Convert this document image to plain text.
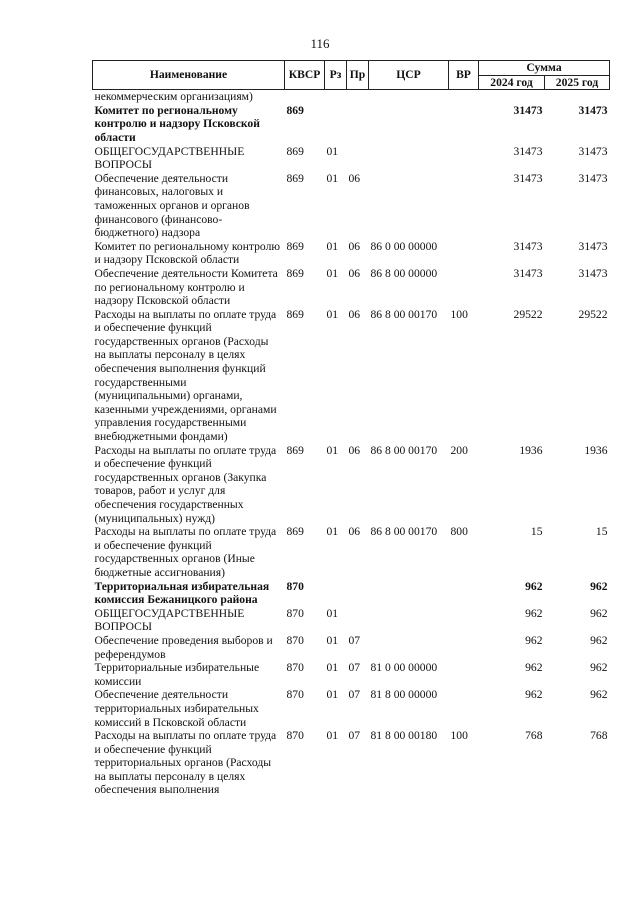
116
Наименование	КВСР	Рз	Пр	ЦСР	ВР	Сумма	
						2024 год	2025 год
некоммерческим организациям)							
Комитет по региональному контролю и надзору Псковской области	869					31473	31473
ОБЩЕГОСУДАРСТВЕННЫЕ ВОПРОСЫ	869	01				31473	31473
Обеспечение деятельности финансовых, налоговых и таможенных органов и органов финансового (финансово-бюджетного) надзора	869	01	06			31473	31473
Комитет по региональному контролю и надзору Псковской области	869	01	06	86 0 00 00000		31473	31473
Обеспечение деятельности Комитета по региональному контролю и надзору Псковской области	869	01	06	86 8 00 00000		31473	31473
Расходы на выплаты по оплате труда и обеспечение функций государственных органов (Расходы на выплаты персоналу в целях обеспечения выполнения функций государственными (муниципальными) органами, казенными учреждениями, органами управления государственными внебюджетными фондами)	869	01	06	86 8 00 00170	100	29522	29522
Расходы на выплаты по оплате труда и обеспечение функций государственных органов (Закупка товаров, работ и услуг для обеспечения государственных (муниципальных) нужд)	869	01	06	86 8 00 00170	200	1936	1936
Расходы на выплаты по оплате труда и обеспечение функций государственных органов (Иные бюджетные ассигнования)	869	01	06	86 8 00 00170	800	15	15
Территориальная избирательная комиссия Бежаницкого района	870					962	962
ОБЩЕГОСУДАРСТВЕННЫЕ ВОПРОСЫ	870	01				962	962
Обеспечение проведения выборов и референдумов	870	01	07			962	962
Территориальные избирательные комиссии	870	01	07	81 0 00 00000		962	962
Обеспечение деятельности территориальных избирательных комиссий в Псковской области	870	01	07	81 8 00 00000		962	962
Расходы на выплаты по оплате труда и обеспечение функций территориальных органов (Расходы на выплаты персоналу в целях обеспечения выполнения	870	01	07	81 8 00 00180	100	768	768
